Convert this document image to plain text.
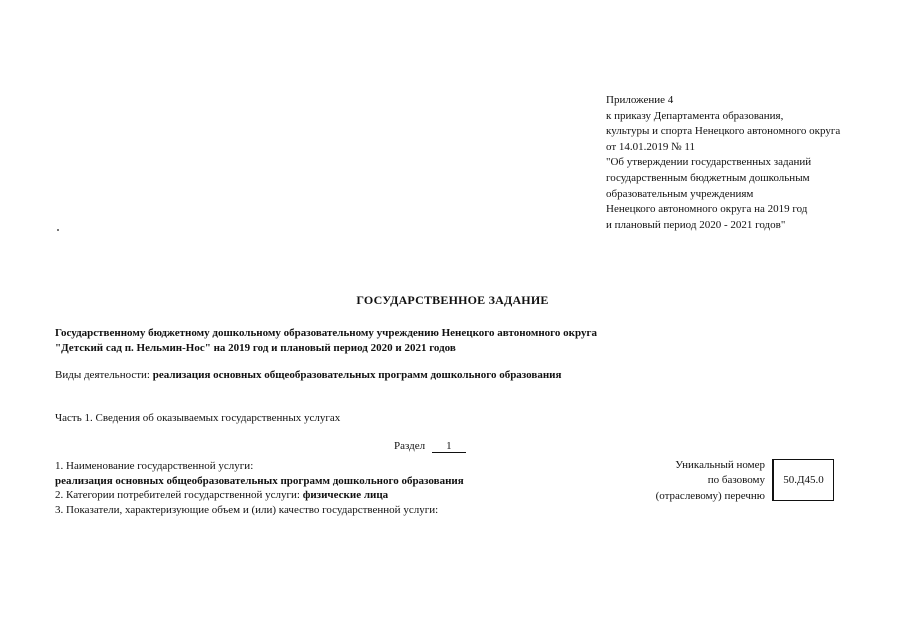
Приложение 4
к приказу Департамента образования,
культуры и спорта Ненецкого автономного округа
от 14.01.2019 № 11
"Об утверждении государственных заданий
государственным бюджетным дошкольным
образовательным учреждениям
Ненецкого автономного округа на 2019 год
и плановый период 2020 - 2021 годов"
ГОСУДАРСТВЕННОЕ ЗАДАНИЕ
Государственному бюджетному дошкольному образовательному учреждению Ненецкого автономного округа
"Детский сад п. Нельмин-Нос" на 2019 год и плановый период 2020 и 2021 годов
Виды деятельности: реализация основных общеобразовательных программ дошкольного образования
Часть 1. Сведения об оказываемых государственных услугах
Раздел 1
1. Наименование государственной услуги:
реализация основных общеобразовательных программ дошкольного образования
2. Категории потребителей государственной услуги: физические лица
3. Показатели, характеризующие объем и (или) качество государственной услуги:
Уникальный номер
по базовому
(отраслевому) перечню
50.Д45.0
